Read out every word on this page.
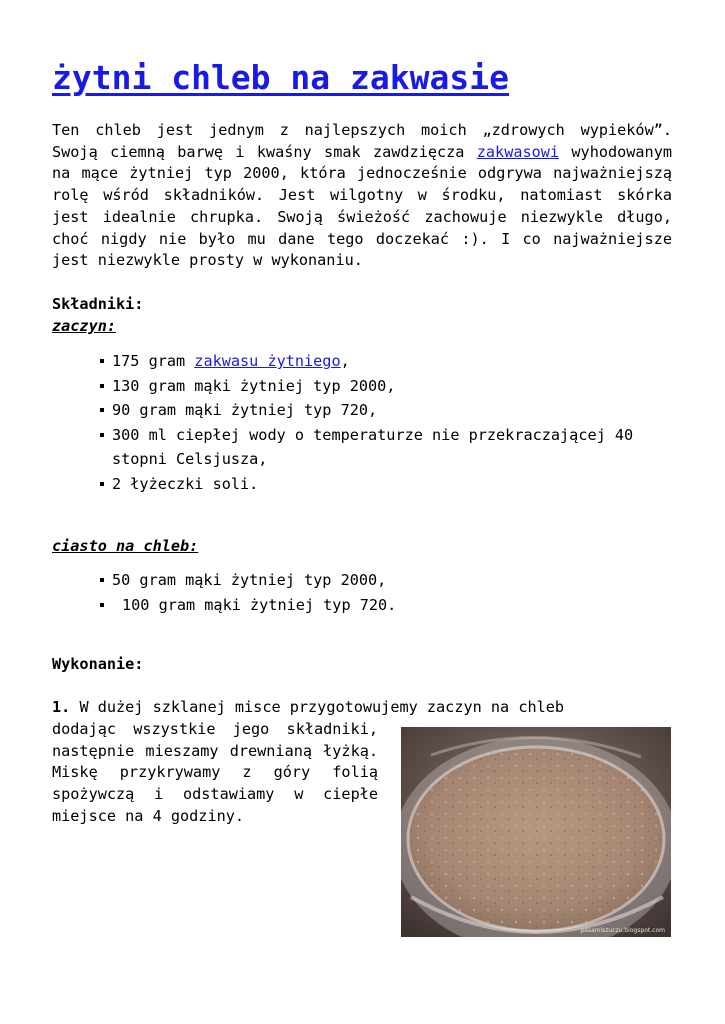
żytni chleb na zakwasie

Ten chleb jest jednym z najlepszych moich „zdrowych wypieków”. Swoją ciemną barwę i kwaśny smak zawdzięcza zakwasowi wyhodowanym na mące żytniej typ 2000, która jednocześnie odgrywa najważniejszą rolę wśród składników. Jest wilgotny w środku, natomiast skórka jest idealnie chrupka. Swoją świeżość zachowuje niezwykle długo, choć nigdy nie było mu dane tego doczekać :). I co najważniejsze jest niezwykle prosty w wykonaniu.

Składniki:
zaczyn:
175 gram zakwasu żytniego,
130 gram mąki żytniej typ 2000,
90 gram mąki żytniej typ 720,
300 ml ciepłej wody o temperaturze nie przekraczającej 40 stopni Celsjusza,
2 łyżeczki soli.
ciasto na chleb:
50 gram mąki żytniej typ 2000,
100 gram mąki żytniej typ 720.
Wykonanie:
1. W dużej szklanej misce przygotowujemy zaczyn na chleb
dodając wszystkie jego składniki, następnie mieszamy drewnianą łyżką. Miskę przykrywamy z góry folią spożywczą i odstawiamy w ciepłe miejsce na 4 godziny.
pasamiszuczu.blogspot.com
